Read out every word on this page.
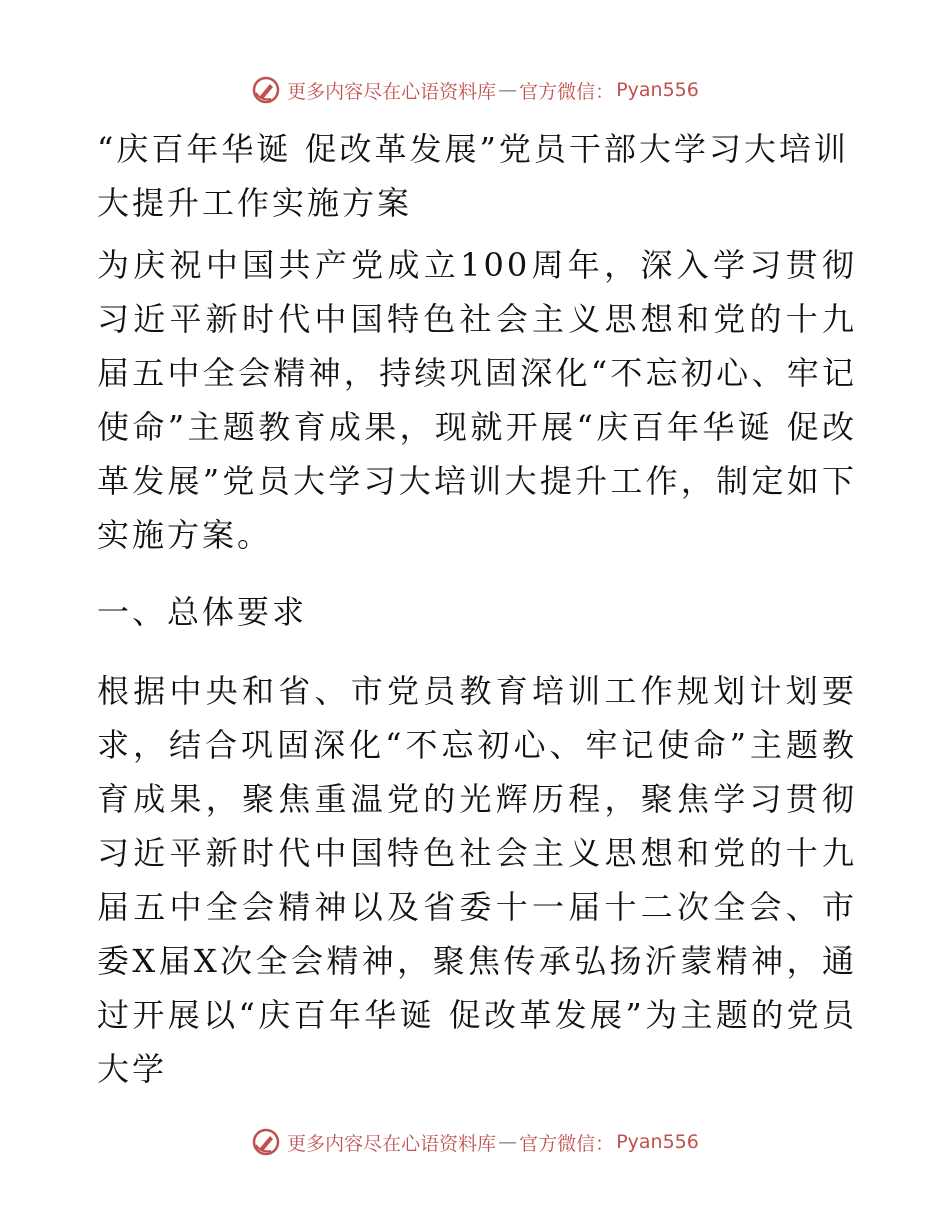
更多内容尽在心语资料库 — 官方微信： Pyan556
“庆百年华诞 促改革发展”党员干部大学习大培训大提升工作实施方案

为庆祝中国共产党成立100周年，深入学习贯彻习近平新时代中国特色社会主义思想和党的十九届五中全会精神，持续巩固深化“不忘初心、牢记使命”主题教育成果，现就开展“庆百年华诞 促改革发展”党员大学习大培训大提升工作，制定如下实施方案。

一、总体要求

根据中央和省、市党员教育培训工作规划计划要求，结合巩固深化“不忘初心、牢记使命”主题教育成果，聚焦重温党的光辉历程，聚焦学习贯彻习近平新时代中国特色社会主义思想和党的十九届五中全会精神以及省委十一届十二次全会、市委X届X次全会精神，聚焦传承弘扬沂蒙精神，通过开展以“庆百年华诞 促改革发展”为主题的党员大学

更多内容尽在心语资料库 — 官方微信： Pyan556
